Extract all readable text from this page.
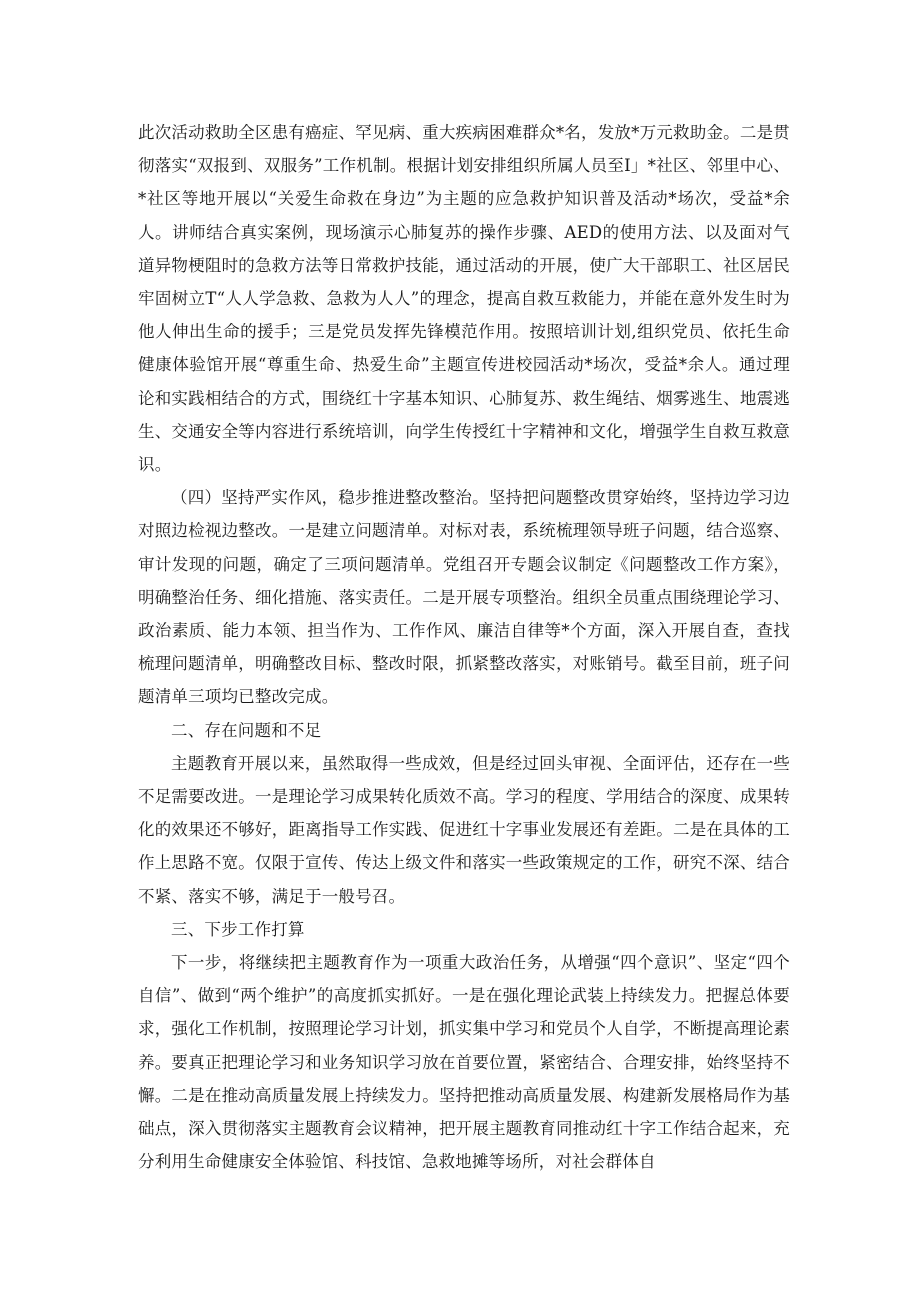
此次活动救助全区患有癌症、罕见病、重大疾病困难群众*名，发放*万元救助金。二是贯彻落实“双报到、双服务”工作机制。根据计划安排组织所属人员至I」*社区、邻里中心、*社区等地开展以“关爱生命救在身边”为主题的应急救护知识普及活动*场次，受益*余人。讲师结合真实案例，现场演示心肺复苏的操作步骤、AED的使用方法、以及面对气道异物梗阻时的急救方法等日常救护技能，通过活动的开展，使广大干部职工、社区居民牢固树立T“人人学急救、急救为人人”的理念，提高自救互救能力，并能在意外发生时为他人伸出生命的援手；三是党员发挥先锋模范作用。按照培训计划,组织党员、依托生命健康体验馆开展“尊重生命、热爱生命”主题宣传进校园活动*场次，受益*余人。通过理论和实践相结合的方式，围绕红十字基本知识、心肺复苏、救生绳结、烟雾逃生、地震逃生、交通安全等内容进行系统培训，向学生传授红十字精神和文化，增强学生自救互救意识。

（四）坚持严实作风，稳步推进整改整治。坚持把问题整改贯穿始终，坚持边学习边对照边检视边整改。一是建立问题清单。对标对表，系统梳理领导班子问题，结合巡察、审计发现的问题，确定了三项问题清单。党组召开专题会议制定《问题整改工作方案》，明确整治任务、细化措施、落实责任。二是开展专项整治。组织全员重点围绕理论学习、政治素质、能力本领、担当作为、工作作风、廉洁自律等*个方面，深入开展自查，查找梳理问题清单，明确整改目标、整改时限，抓紧整改落实，对账销号。截至目前，班子问题清单三项均已整改完成。

二、存在问题和不足

主题教育开展以来，虽然取得一些成效，但是经过回头审视、全面评估，还存在一些不足需要改进。一是理论学习成果转化质效不高。学习的程度、学用结合的深度、成果转化的效果还不够好，距离指导工作实践、促进红十字事业发展还有差距。二是在具体的工作上思路不宽。仅限于宣传、传达上级文件和落实一些政策规定的工作，研究不深、结合不紧、落实不够，满足于一般号召。

三、下步工作打算

下一步，将继续把主题教育作为一项重大政治任务，从增强“四个意识”、坚定“四个自信”、做到“两个维护”的高度抓实抓好。一是在强化理论武装上持续发力。把握总体要求，强化工作机制，按照理论学习计划，抓实集中学习和党员个人自学，不断提高理论素养。要真正把理论学习和业务知识学习放在首要位置，紧密结合、合理安排，始终坚持不懈。二是在推动高质量发展上持续发力。坚持把推动高质量发展、构建新发展格局作为基础点，深入贯彻落实主题教育会议精神，把开展主题教育同推动红十字工作结合起来，充分利用生命健康安全体验馆、科技馆、急救地摊等场所，对社会群体自
